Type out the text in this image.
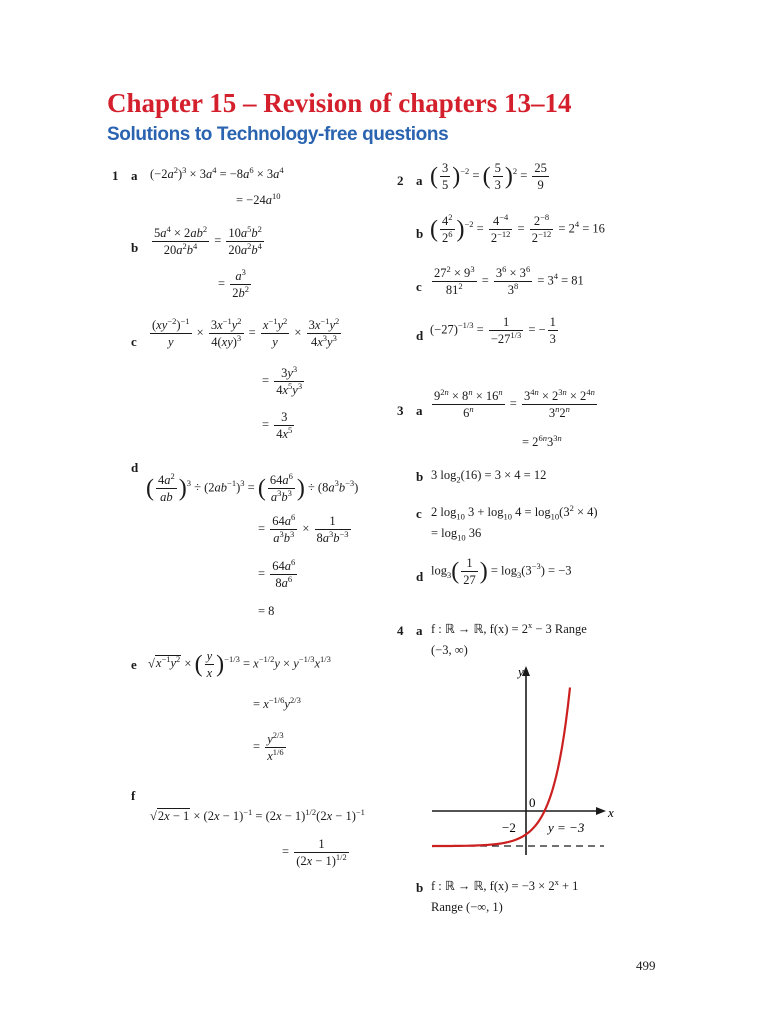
Chapter 15 – Revision of chapters 13–14
Solutions to Technology-free questions
1 a $(-2a^2)^3 \times 3a^4 = -8a^6 \times 3a^4$
= $-24a^{10}$
b $\frac{5a^4 \times 2ab^2}{20a^2b^4} = \frac{10a^5b^2}{20a^2b^4}$
= $\frac{a^3}{2b^2}$
c $\frac{(xy^{-2})^{-1}}{y} \times \frac{3x^{-1}y^2}{4(xy)^3} = \frac{x^{-1}y^2}{y} \times \frac{3x^{-1}y^2}{4x^3y^3}$
= $\frac{3y^3}{4x^5y^3}$
= $\frac{3}{4x^5}$
d
( $\frac{4a^2}{ab} )^3 \div (2ab^{-1})^3$ = ( $\frac{64a^6}{a^3b^3}$ ) ÷ $(8a^3b^{-3})$
= $\frac{64a^6}{a^3b^3} \times \frac{1}{8a^3b^{-3}}$
= $\frac{64a^6}{8a^6}$
= 8
e $√x^{-1}y^2$ × ( $\frac{y}{x} )^{-1/3} = x^{-1/2}y \times y^{-1/3}x^{1/3}$
= $x^{-1/6}y^{2/3}$
= $\frac{y^{2/3}}{x^{1/6}}$
f
$√2x - 1 \times (2x - 1)^{-1} = (2x - 1)^{1/2}(2x - 1)^{-1}$
= $\frac{1}{(2x - 1)^{1/2}}$
2 a ( $\frac{3}{5} )^{-2}$ = ( $\frac{5}{3} )^2 = \frac{25}{9}$
b ( $\frac{4^2}{2^6} )^{-2} = \frac{4^{-4}}{2^{-12}} = \frac{2^{-8}}{2^{-12}} = 2^4 = 16$
c $\frac{27^2 \times 9^3}{81^2} = \frac{3^6 \times 3^6}{3^8} = 3^4 = 81$
d $(-27)^{-1/3} = \frac{1}{-27^{1/3}}$ = − $\frac{1}{3}$
3 a $\frac{9^{2n} \times 8^n \times 16^n}{6^n} = \frac{3^{4n} \times 2^{3n} \times 2^{4n}}{3^n2^n}$
= $2^{6n}3^{3n}$
b 3 $\log_2(16) = 3 \times 4 = 12$
c 2 $\log_{10} 3 + \log_{10} 4 = \log_{10}(3^2 \times 4)$
= $\log_{10} 36$
d $\log_3( \frac{1}{27}$ ) = $\log_3(3^{-3}) = -3$
4 a f : ℝ → ℝ, $f(x) = 2^x - 3$ Range
(−3, ∞)
y
x
0
−2 y = −3
b f : ℝ → ℝ, $f(x) = -3 \times 2^x + 1$
Range (−∞, 1)
499
